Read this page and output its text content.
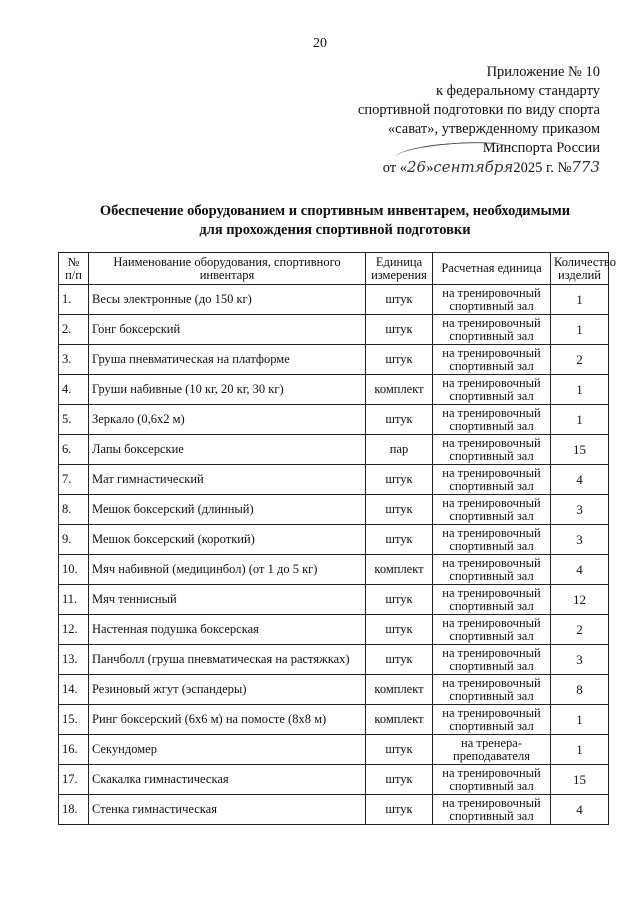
20
Приложение № 10
к федеральному стандарту
спортивной подготовки по виду спорта
«сават», утвержденному приказом
Минспорта России
от «26»сентября2025 г. №773
Обеспечение оборудованием и спортивным инвентарем, необходимыми
для прохождения спортивной подготовки
№ п/п	Наименование оборудования, спортивного инвентаря	Единица измерения	Расчетная единица	Количество изделий
1.	Весы электронные (до 150 кг)	штук	на тренировочный спортивный зал	1
2.	Гонг боксерский	штук	на тренировочный спортивный зал	1
3.	Груша пневматическая на платформе	штук	на тренировочный спортивный зал	2
4.	Груши набивные (10 кг, 20 кг, 30 кг)	комплект	на тренировочный спортивный зал	1
5.	Зеркало (0,6х2 м)	штук	на тренировочный спортивный зал	1
6.	Лапы боксерские	пар	на тренировочный спортивный зал	15
7.	Мат гимнастический	штук	на тренировочный спортивный зал	4
8.	Мешок боксерский (длинный)	штук	на тренировочный спортивный зал	3
9.	Мешок боксерский (короткий)	штук	на тренировочный спортивный зал	3
10.	Мяч набивной (медицинбол) (от 1 до 5 кг)	комплект	на тренировочный спортивный зал	4
11.	Мяч теннисный	штук	на тренировочный спортивный зал	12
12.	Настенная подушка боксерская	штук	на тренировочный спортивный зал	2
13.	Панчболл (груша пневматическая на растяжках)	штук	на тренировочный спортивный зал	3
14.	Резиновый жгут (эспандеры)	комплект	на тренировочный спортивный зал	8
15.	Ринг боксерский (6х6 м) на помосте (8х8 м)	комплект	на тренировочный спортивный зал	1
16.	Секундомер	штук	на тренера-преподавателя	1
17.	Скакалка гимнастическая	штук	на тренировочный спортивный зал	15
18.	Стенка гимнастическая	штук	на тренировочный спортивный зал	4
